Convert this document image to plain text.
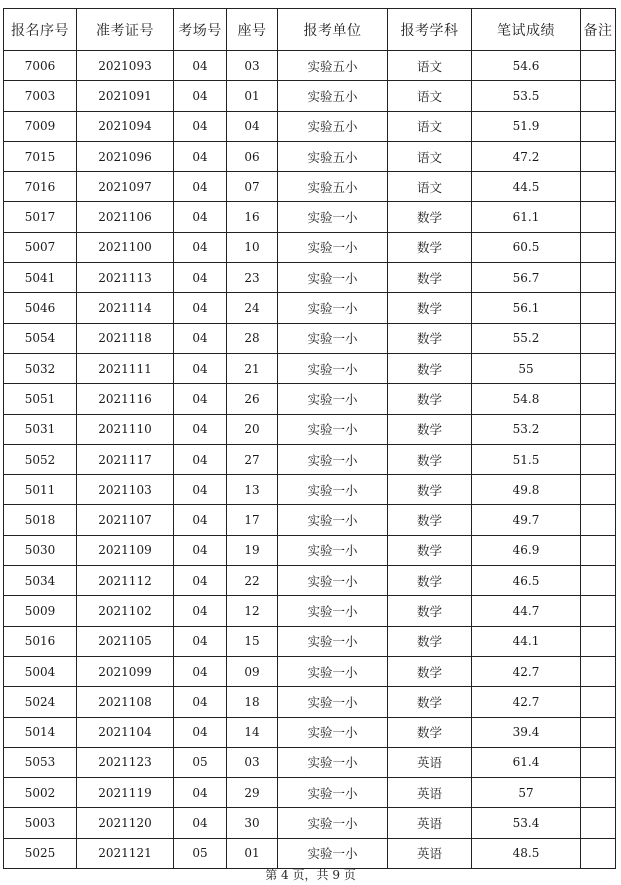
报名序号	准考证号	考场号	座号	报考单位	报考学科	笔试成绩	备注
7006	2021093	04	03	实验五小	语文	54.6	
7003	2021091	04	01	实验五小	语文	53.5	
7009	2021094	04	04	实验五小	语文	51.9	
7015	2021096	04	06	实验五小	语文	47.2	
7016	2021097	04	07	实验五小	语文	44.5	
5017	2021106	04	16	实验一小	数学	61.1	
5007	2021100	04	10	实验一小	数学	60.5	
5041	2021113	04	23	实验一小	数学	56.7	
5046	2021114	04	24	实验一小	数学	56.1	
5054	2021118	04	28	实验一小	数学	55.2	
5032	2021111	04	21	实验一小	数学	55	
5051	2021116	04	26	实验一小	数学	54.8	
5031	2021110	04	20	实验一小	数学	53.2	
5052	2021117	04	27	实验一小	数学	51.5	
5011	2021103	04	13	实验一小	数学	49.8	
5018	2021107	04	17	实验一小	数学	49.7	
5030	2021109	04	19	实验一小	数学	46.9	
5034	2021112	04	22	实验一小	数学	46.5	
5009	2021102	04	12	实验一小	数学	44.7	
5016	2021105	04	15	实验一小	数学	44.1	
5004	2021099	04	09	实验一小	数学	42.7	
5024	2021108	04	18	实验一小	数学	42.7	
5014	2021104	04	14	实验一小	数学	39.4	
5053	2021123	05	03	实验一小	英语	61.4	
5002	2021119	04	29	实验一小	英语	57	
5003	2021120	04	30	实验一小	英语	53.4	
5025	2021121	05	01	实验一小	英语	48.5	
第 4 页，共 9 页
